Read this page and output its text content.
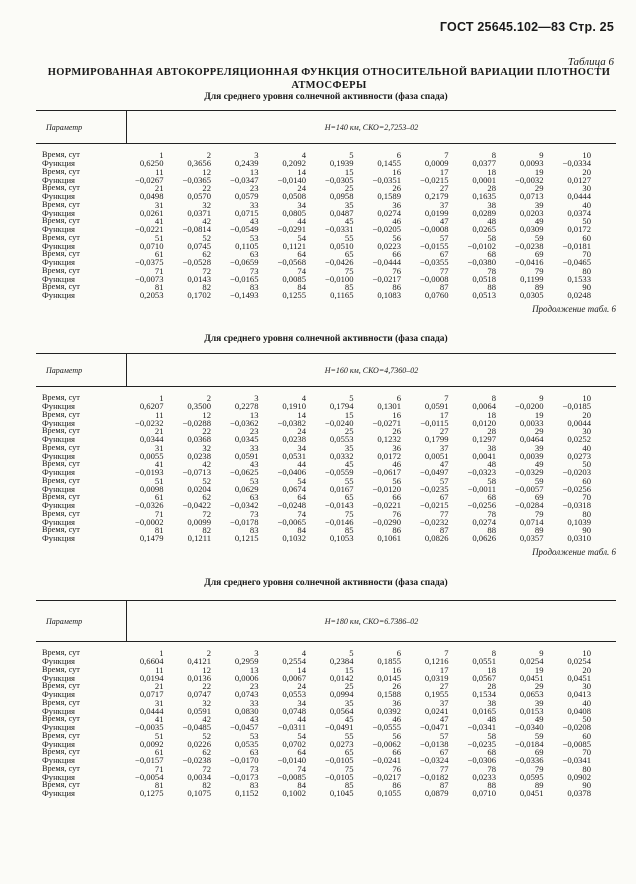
ГОСТ 25645.102—83 Стр. 25
Таблица 6
НОРМИРОВАННАЯ АВТОКОРРЕЛЯЦИОННАЯ ФУНКЦИЯ ОТНОСИТЕЛЬНОЙ ВАРИАЦИИ ПЛОТНОСТИ
АТМОСФЕРЫ
Для среднего уровня солнечной активности (фаза спада)
Параметр	H=140 км, СКО=2,7253–02
Время, сут	1	2	3	4	5	6	7	8	9	10
Функция	0,6250	0,3656	0,2439	0,2092	0,1939	0,1455	0,0009	0,0377	0,0093	−0,0334
Время, сут	11	12	13	14	15	16	17	18	19	20
Функция	−0,0267	−0,0365	−0,0347	−0,0140	−0,0305	−0,0351	−0,0215	0,0001	−0,0032	0,0127
Время, сут	21	22	23	24	25	26	27	28	29	30
Функция	0,0498	0,0570	0,0579	0,0508	0,0958	0,1589	0,2179	0,1635	0,0713	0,0444
Время, сут	31	32	33	34	35	36	37	38	39	40
Функция	0,0261	0,0371	0,0715	0,0805	0,0487	0,0274	0,0199	0,0289	0,0203	0,0374
Время, сут	41	42	43	44	45	46	47	48	49	50
Функция	−0,0221	−0,0814	−0,0549	−0,0291	−0,0331	−0,0205	−0,0008	0,0265	0,0309	0,0172
Время, сут	51	52	53	54	55	56	57	58	59	60
Функция	0,0710	0,0745	0,1105	0,1121	0,0510	0,0223	−0,0155	−0,0102	−0,0238	−0,0181
Время, сут	61	62	63	64	65	66	67	68	69	70
Функция	−0,0375	−0,0528	−0,0659	−0,0568	−0,0426	−0,0444	−0,0355	−0,0380	−0,0416	−0,0465
Время, сут	71	72	73	74	75	76	77	78	79	80
Функция	−0,0073	0,0143	−0,0165	0,0085	−0,0100	−0,0217	−0,0008	0,0518	0,1199	0,1533
Время, сут	81	82	83	84	85	86	87	88	89	90
Функция	0,2053	0,1702	−0,1493	0,1255	0,1165	0,1083	0,0760	0,0513	0,0305	0,0248
Продолжение табл. 6
Для среднего уровня солнечной активности (фаза спада)
Параметр	H=160 км, СКО=4,7360–02
Время, сут	1	2	3	4	5	6	7	8	9	10
Функция	0,6207	0,3500	0,2278	0,1910	0,1794	0,1301	0,0591	0,0064	−0,0200	−0,0185
Время, сут	11	12	13	14	15	16	17	18	19	20
Функция	−0,0232	−0,0288	−0,0362	−0,0382	−0,0240	−0,0271	−0,0115	0,0120	0,0033	0,0044
Время, сут	21	22	23	24	25	26	27	28	29	30
Функция	0,0344	0,0368	0,0345	0,0238	0,0553	0,1232	0,1799	0,1297	0,0464	0,0252
Время, сут	31	32	33	34	35	36	37	38	39	40
Функция	0,0055	0,0238	0,0591	0,0531	0,0332	0,0172	0,0051	0,0041	0,0039	0,0273
Время, сут	41	42	43	44	45	46	47	48	49	50
Функция	−0,0193	−0,0713	−0,0625	−0,0406	−0,0559	−0,0617	−0,0497	−0,0323	−0,0329	−0,0203
Время, сут	51	52	53	54	55	56	57	58	59	60
Функция	0,0098	0,0204	0,0629	0,0674	0,0167	−0,0120	−0,0235	−0,0011	−0,0057	−0,0256
Время, сут	61	62	63	64	65	66	67	68	69	70
Функция	−0,0326	−0,0422	−0,0342	−0,0248	−0,0143	−0,0221	−0,0215	−0,0256	−0,0284	−0,0318
Время, сут	71	72	73	74	75	76	77	78	79	80
Функция	−0,0002	0,0099	−0,0178	−0,0065	−0,0146	−0,0290	−0,0232	0,0274	0,0714	0,1039
Время, сут	81	82	83	84	85	86	87	88	89	90
Функция	0,1479	0,1211	0,1215	0,1032	0,1053	0,1061	0,0826	0,0626	0,0357	0,0310
Продолжение табл. 6
Для среднего уровня солнечной активности (фаза спада)
Параметр	H=180 км, СКО=6.7386–02
Время, сут	1	2	3	4	5	6	7	8	9	10
Функция	0,6604	0,4121	0,2959	0,2554	0,2384	0,1855	0,1216	0,0551	0,0254	0,0254
Время, сут	11	12	13	14	15	16	17	18	19	20
Функция	0,0194	0,0136	0,0006	0,0067	0,0142	0,0145	0,0319	0,0567	0,0451	0,0451
Время, сут	21	22	23	24	25	26	27	28	29	30
Функция	0,0717	0,0747	0,0743	0,0553	0,0994	0,1588	0,1955	0,1534	0,0653	0,0413
Время, сут	31	32	33	34	35	36	37	38	39	40
Функция	0,0444	0,0591	0,0830	0,0748	0,0564	0,0392	0,0241	0,0165	0,0153	0,0408
Время, сут	41	42	43	44	45	46	47	48	49	50
Функция	−0,0035	−0,0485	−0,0457	−0,0311	−0,0491	−0,0555	−0,0471	−0,0341	−0,0340	−0,0208
Время, сут	51	52	53	54	55	56	57	58	59	60
Функция	0,0092	0,0226	0,0535	0,0702	0,0273	−0,0062	−0,0138	−0,0235	−0,0184	−0,0085
Время, сут	61	62	63	64	65	66	67	68	69	70
Функция	−0,0157	−0,0238	−0,0170	−0,0140	−0,0105	−0,0241	−0,0324	−0,0306	−0,0336	−0,0341
Время, сут	71	72	73	74	75	76	77	78	79	80
Функция	−0,0054	0,0034	−0,0173	−0,0085	−0,0105	−0,0217	−0,0182	0,0233	0,0595	0,0902
Время, сут	81	82	83	84	85	86	87	88	89	90
Функция	0,1275	0,1075	0,1152	0,1002	0,1045	0,1055	0,0879	0,0710	0,0451	0,0378
